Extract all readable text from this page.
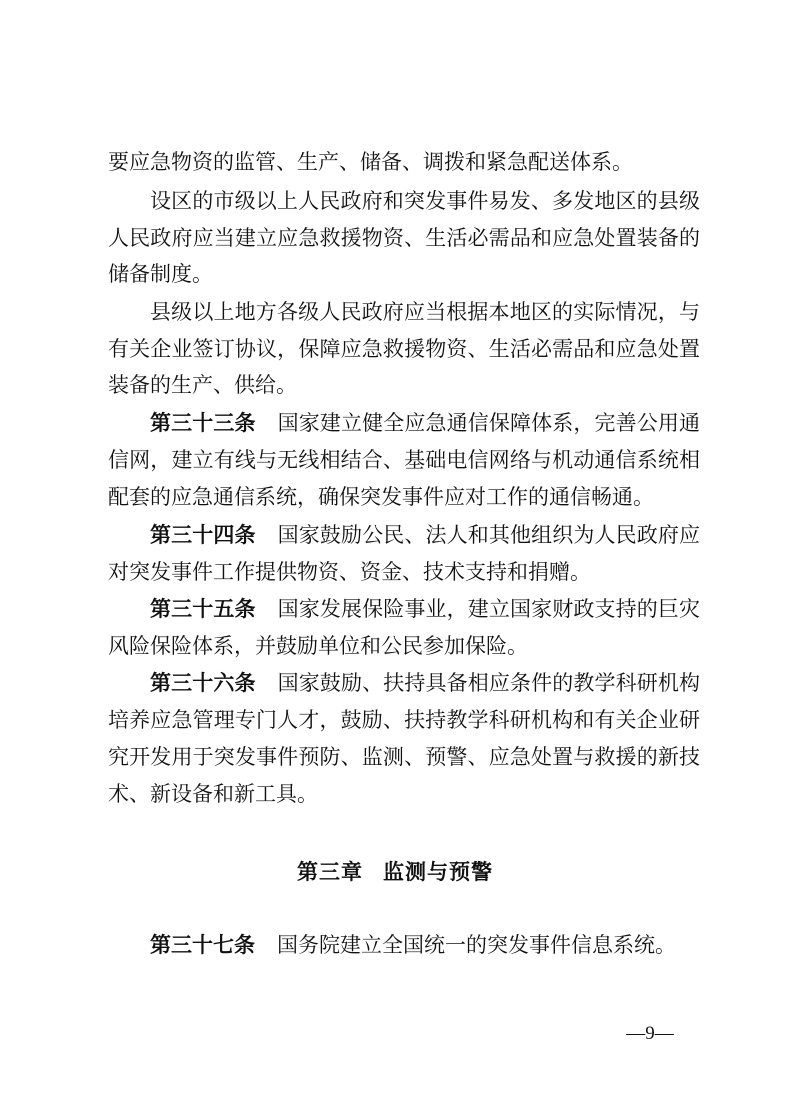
要应急物资的监管、生产、储备、调拨和紧急配送体系。
设区的市级以上人民政府和突发事件易发、多发地区的县级
人民政府应当建立应急救援物资、生活必需品和应急处置装备的
储备制度。
县级以上地方各级人民政府应当根据本地区的实际情况，与
有关企业签订协议，保障应急救援物资、生活必需品和应急处置
装备的生产、供给。
第三十三条 国家建立健全应急通信保障体系，完善公用通
信网，建立有线与无线相结合、基础电信网络与机动通信系统相
配套的应急通信系统，确保突发事件应对工作的通信畅通。
第三十四条 国家鼓励公民、法人和其他组织为人民政府应
对突发事件工作提供物资、资金、技术支持和捐赠。
第三十五条 国家发展保险事业，建立国家财政支持的巨灾
风险保险体系，并鼓励单位和公民参加保险。
第三十六条 国家鼓励、扶持具备相应条件的教学科研机构
培养应急管理专门人才，鼓励、扶持教学科研机构和有关企业研
究开发用于突发事件预防、监测、预警、应急处置与救援的新技
术、新设备和新工具。
第三章 监测与预警
第三十七条 国务院建立全国统一的突发事件信息系统。
—9—
